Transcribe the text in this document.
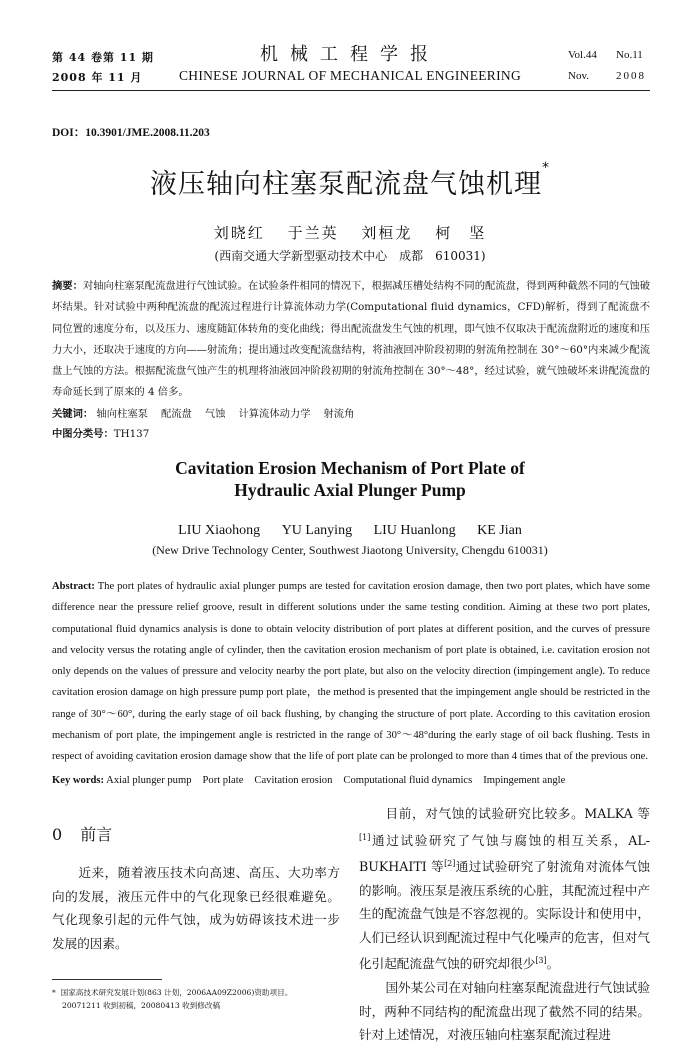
第 44 卷第 11 期
2008 年 11 月
机械工程学报
CHINESE JOURNAL OF MECHANICAL ENGINEERING
Vol.44 No.11
Nov. 2008
DOI：10.3901/JME.2008.11.203
液压轴向柱塞泵配流盘气蚀机理*
刘晓红 于兰英 刘桓龙 柯　坚
(西南交通大学新型驱动技术中心　成都　610031)
摘要：对轴向柱塞泵配流盘进行气蚀试验。在试验条件相同的情况下，根据减压槽处结构不同的配流盘，得到两种截然不同的气蚀破坏结果。针对试验中两种配流盘的配流过程进行计算流体动力学(Computational fluid dynamics，CFD)解析，得到了配流盘不同位置的速度分布，以及压力、速度随缸体转角的变化曲线；得出配流盘发生气蚀的机理，即气蚀不仅取决于配流盘附近的速度和压力大小，还取决于速度的方向——射流角；提出通过改变配流盘结构，将油液回冲阶段初期的射流角控制在 30°～60°内来减少配流盘上气蚀的方法。根据配流盘气蚀产生的机理将油液回冲阶段初期的射流角控制在 30°～48°，经过试验，就气蚀破坏来讲配流盘的寿命延长到了原来的 4 倍多。
关键词： 轴向柱塞泵 配流盘 气蚀 计算流体动力学 射流角
中图分类号：TH137
Cavitation Erosion Mechanism of Port Plate of
Hydraulic Axial Plunger Pump
LIU Xiaohong YU Lanying LIU Huanlong KE Jian
(New Drive Technology Center, Southwest Jiaotong University, Chengdu 610031)
Abstract: The port plates of hydraulic axial plunger pumps are tested for cavitation erosion damage, then two port plates, which have some difference near the pressure relief groove, result in different solutions under the same testing condition. Aiming at these two port plates, computational fluid dynamics analysis is done to obtain velocity distribution of port plates at different position, and the curves of pressure and velocity versus the rotating angle of cylinder, then the cavitation erosion mechanism of port plate is obtained, i.e. cavitation erosion not only depends on the values of pressure and velocity nearby the port plate, but also on the velocity direction (impingement angle). To reduce cavitation erosion damage on high pressure pump port plate，the method is presented that the impingement angle should be restricted in the range of 30°～60°, during the early stage of oil back flushing, by changing the structure of port plate. According to this cavitation erosion mechanism of port plate, the impingement angle is restricted in the range of 30°～48°during the early stage of oil back flushing. Tests in respect of avoiding cavitation erosion damage show that the life of port plate can be prolonged to more than 4 times that of the previous one.
Key words: Axial plunger pump Port plate Cavitation erosion Computational fluid dynamics Impingement angle
0 前言
近来，随着液压技术向高速、高压、大功率方向的发展，液压元件中的气化现象已经很难避免。气化现象引起的元件气蚀，成为妨碍该技术进一步发展的因素。

目前，对气蚀的试验研究比较多。MALKA 等[1]通过试验研究了气蚀与腐蚀的相互关系，AL-BUKHAITI 等[2]通过试验研究了射流角对流体气蚀的影响。液压泵是液压系统的心脏，其配流过程中产生的配流盘气蚀是不容忽视的。实际设计和使用中，人们已经认识到配流过程中气化噪声的危害，但对气化引起配流盘气蚀的研究却很少[3]。

国外某公司在对轴向柱塞泵配流盘进行气蚀试验时，两种不同结构的配流盘出现了截然不同的结果。针对上述情况，对液压轴向柱塞泵配流过程进

* 国家高技术研究发展计划(863 计划，2006AA09Z2006)资助项目。
20071211 收到初稿，20080413 收到修改稿
